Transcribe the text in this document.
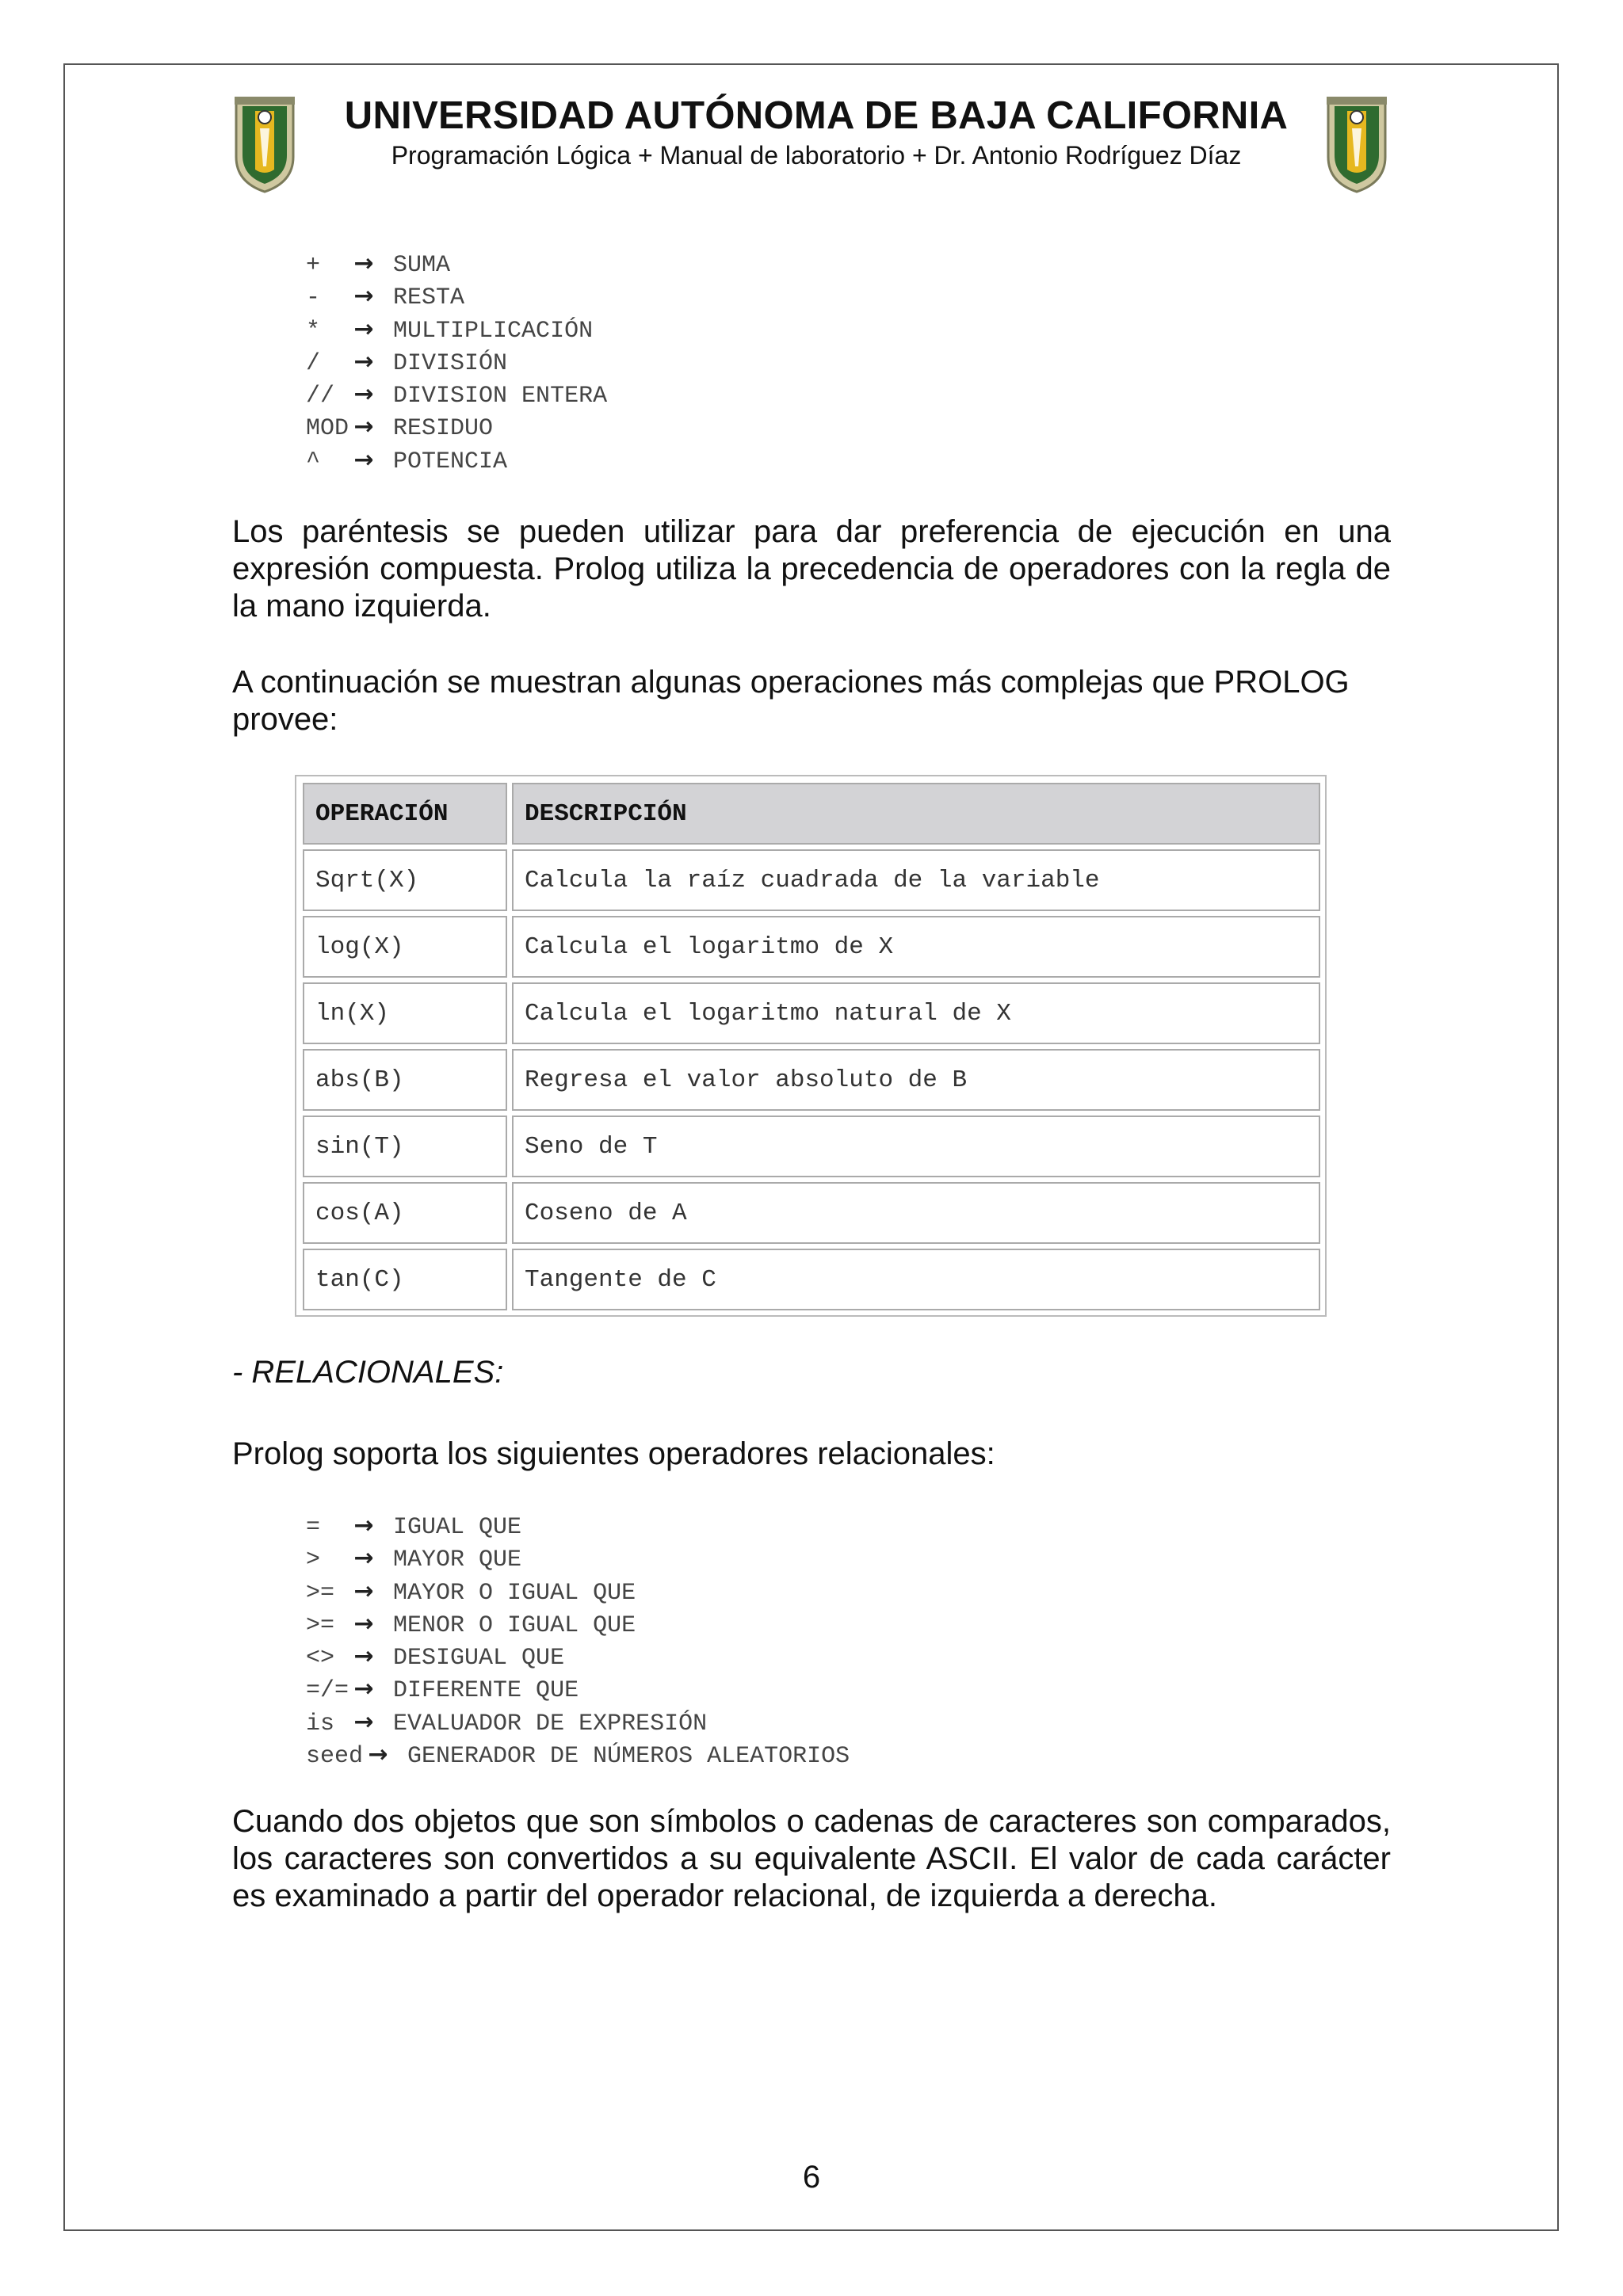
UNIVERSIDAD AUTÓNOMA DE BAJA CALIFORNIA
Programación Lógica + Manual de laboratorio + Dr. Antonio Rodríguez Díaz
+  → SUMA
-  → RESTA
*  → MULTIPLICACIÓN
/  → DIVISIÓN
// → DIVISION ENTERA
MOD → RESIDUO
^  → POTENCIA

Los paréntesis se pueden utilizar para dar preferencia de ejecución en una expresión compuesta. Prolog utiliza la precedencia de operadores con la regla de la mano izquierda.

A continuación se muestran algunas operaciones más complejas que PROLOG provee:

OPERACIÓN	DESCRIPCIÓN
Sqrt(X)	Calcula la raíz cuadrada de la variable
log(X)	Calcula el logaritmo de X
ln(X)	Calcula el logaritmo natural de X
abs(B)	Regresa el valor absoluto de B
sin(T)	Seno de T
cos(A)	Coseno de A
tan(C)	Tangente de C

- RELACIONALES:

Prolog soporta los siguientes operadores relacionales:

=  → IGUAL QUE
>  → MAYOR QUE
>= → MAYOR O IGUAL QUE
>= → MENOR O IGUAL QUE
<> → DESIGUAL QUE
=/= → DIFERENTE QUE
is → EVALUADOR DE EXPRESIÓN
seed → GENERADOR DE NÚMEROS ALEATORIOS

Cuando dos objetos que son símbolos o cadenas de caracteres son comparados, los caracteres son convertidos a su equivalente ASCII. El valor de cada carácter es examinado a partir del operador relacional, de izquierda a derecha.

6
